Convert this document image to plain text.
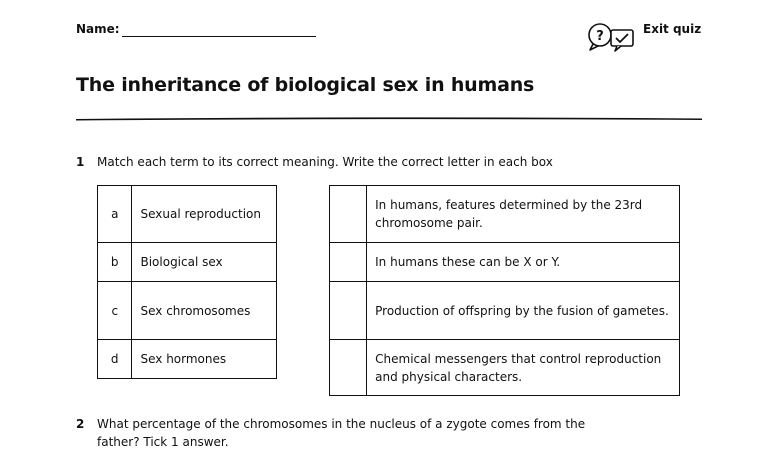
Name:	?	Exit quiz
The inheritance of biological sex in humans
1 Match each term to its correct meaning. Write the correct letter in each box
a	Sexual reproduction
b	Biological sex
c	Sex chromosomes
d	Sex hormones
	In humans, features determined by the 23rd chromosome pair.
	In humans these can be X or Y.
	Production of offspring by the fusion of gametes.
	Chemical messengers that control reproduction and physical characters.
2 What percentage of the chromosomes in the nucleus of a zygote comes from the
father? Tick 1 answer.
